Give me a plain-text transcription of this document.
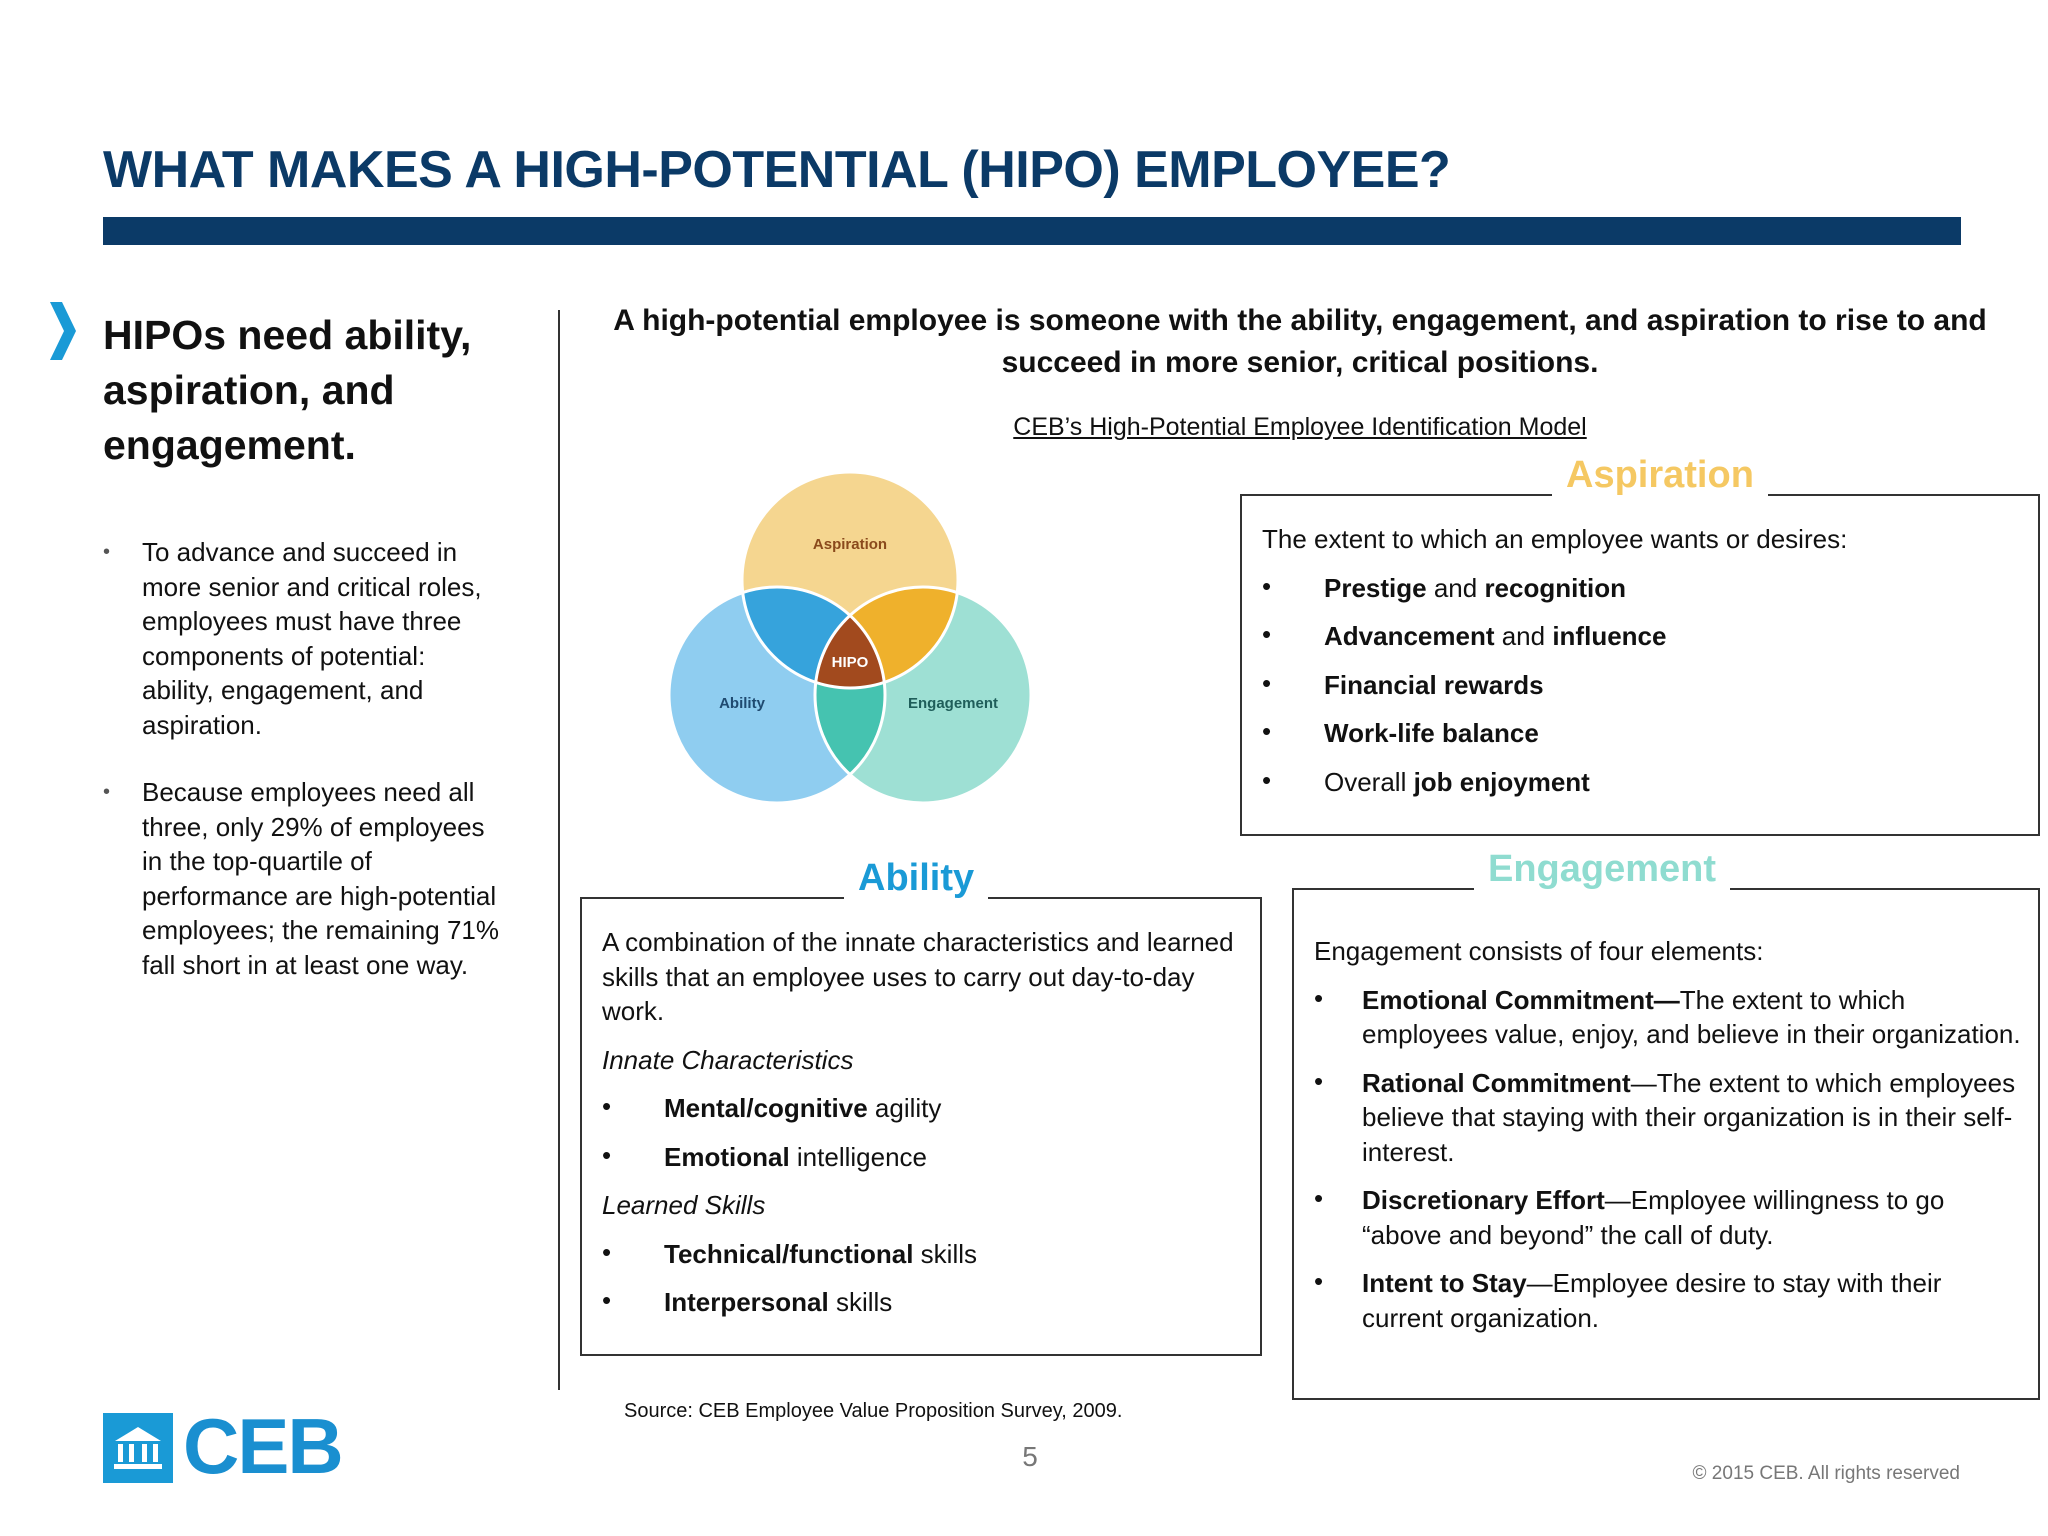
WHAT MAKES A HIGH-POTENTIAL (HIPO) EMPLOYEE?
HIPOs need ability, aspiration, and engagement.
• To advance and succeed in more senior and critical roles, employees must have three components of potential: ability, engagement, and aspiration.
• Because employees need all three, only 29% of employees in the top-quartile of performance are high-potential employees; the remaining 71% fall short in at least one way.

A high-potential employee is someone with the ability, engagement, and aspiration to rise to and succeed in more senior, critical positions.

CEB’s High-Potential Employee Identification Model
Aspiration
Ability	Engagement
HIPO
Aspiration

The extent to which an employee wants or desires:

• Prestige and recognition
• Advancement and influence
• Financial rewards
• Work-life balance
• Overall job enjoyment
Ability

A combination of the innate characteristics and learned skills that an employee uses to carry out day-to-day work.

Innate Characteristics

• Mental/cognitive agility
• Emotional intelligence

Learned Skills

• Technical/functional skills
• Interpersonal skills
Engagement

Engagement consists of four elements:

• Emotional Commitment—The extent to which employees value, enjoy, and believe in their organization.
• Rational Commitment—The extent to which employees believe that staying with their organization is in their self-interest.
• Discretionary Effort—Employee willingness to go “above and beyond” the call of duty.
• Intent to Stay—Employee desire to stay with their current organization.
Source: CEB Employee Value Proposition Survey, 2009.
5
© 2015 CEB. All rights reserved
CEB
